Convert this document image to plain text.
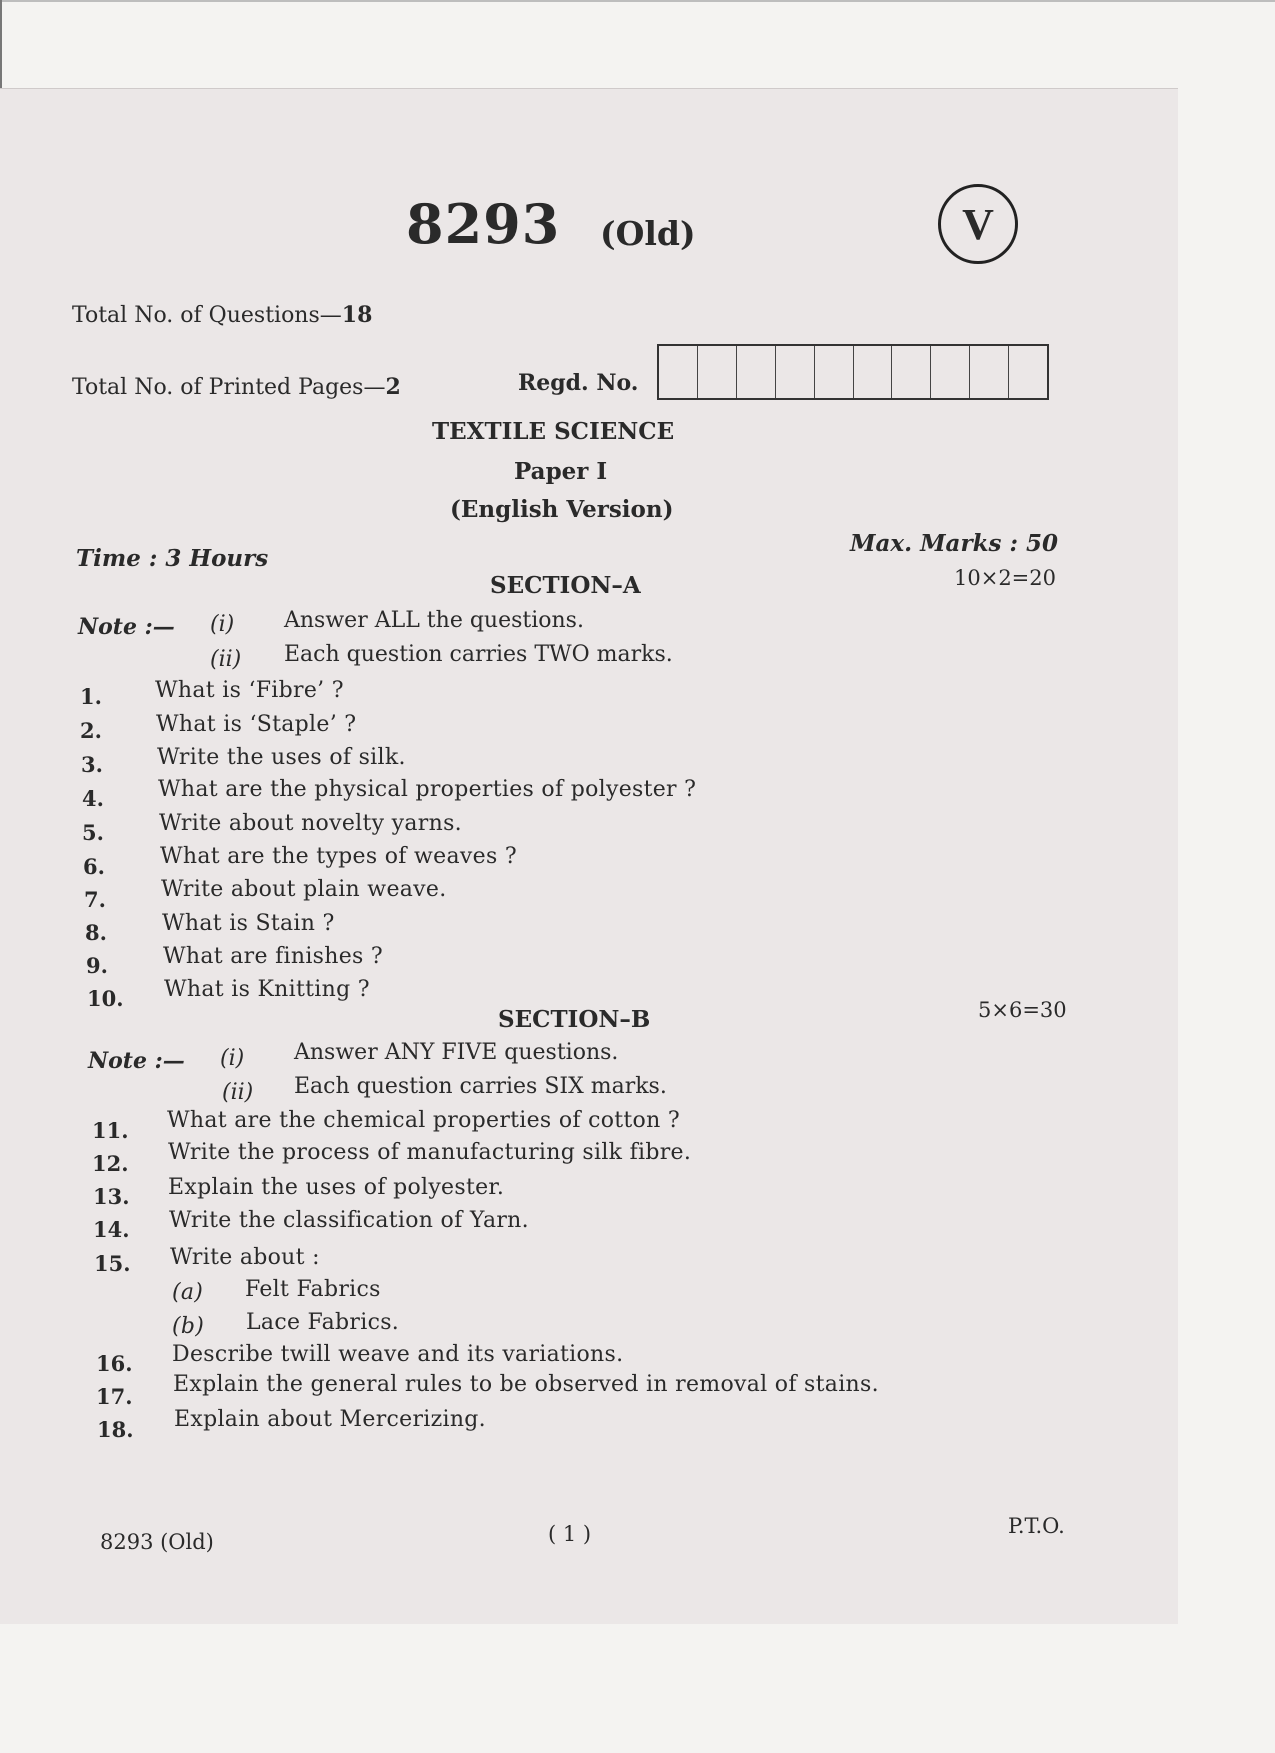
8293 (Old)	V
Total No. of Questions—18
Total No. of Printed Pages—2	Regd. No.
TEXTILE SCIENCE
Paper I
(English Version)
Time : 3 Hours
Max. Marks : 50
SECTION–A	10×2=20
Note :— (i) Answer ALL the questions.
(ii) Each question carries TWO marks.
1. What is ‘Fibre’ ?
2. What is ‘Staple’ ?
3. Write the uses of silk.
4. What are the physical properties of polyester ?
5.	Write about novelty yarns.
6.	What are the types of weaves ?
7.	Write about plain weave.
8.	What is Stain ?
9.	What are finishes ?
10. What is Knitting ?
SECTION–B	5×6=30
Note :— (i) Answer ANY FIVE questions.
(ii) Each question carries SIX marks.
11. What are the chemical properties of cotton ?
12. Write the process of manufacturing silk fibre.
13. Explain the uses of polyester.
14. Write the classification of Yarn.
15. Write about :
(a) Felt Fabrics
(b) Lace Fabrics.
16. Describe twill weave and its variations.
17. Explain the general rules to be observed in removal of stains.
18. Explain about Mercerizing.
8293 (Old)	( 1 )	P.T.O.
